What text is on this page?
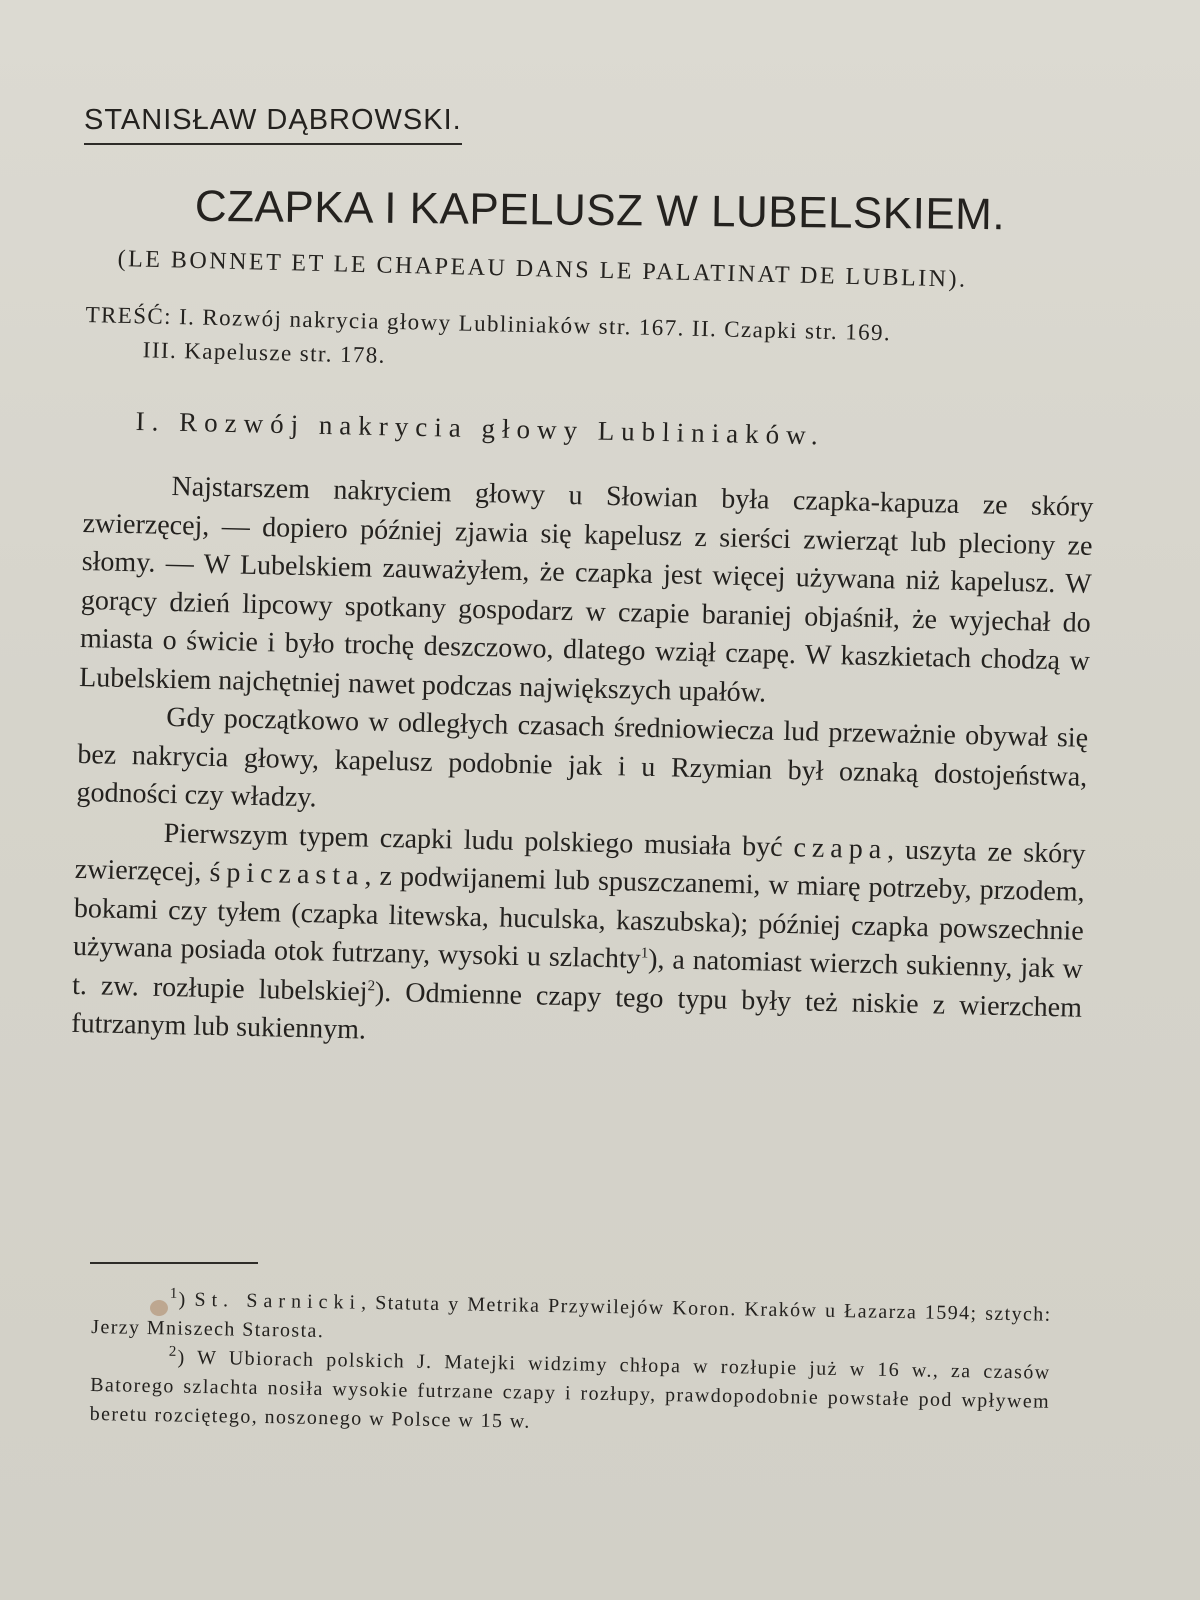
STANISŁAW DĄBROWSKI.
CZAPKA I KAPELUSZ W LUBELSKIEM.
(LE BONNET ET LE CHAPEAU DANS LE PALATINAT DE LUBLIN).
TREŚĆ: I. Rozwój nakrycia głowy Lubliniaków str. 167. II. Czapki str. 169.
III. Kapelusze str. 178.
I. Rozwój nakrycia głowy Lubliniaków.

Najstarszem nakryciem głowy u Słowian była czapka-kapuza ze skóry zwierzęcej, — dopiero później zjawia się kapelusz z sierści zwierząt lub pleciony ze słomy. — W Lubelskiem zauważyłem, że czapka jest więcej używana niż kapelusz. W gorący dzień lipcowy spotkany gospodarz w czapie baraniej objaśnił, że wyjechał do miasta o świcie i było trochę deszczowo, dlatego wziął czapę. W kaszkietach chodzą w Lubelskiem najchętniej nawet podczas największych upałów.

Gdy początkowo w odległych czasach średniowiecza lud przeważnie obywał się bez nakrycia głowy, kapelusz podobnie jak i u Rzymian był oznaką dostojeństwa, godności czy władzy.

Pierwszym typem czapki ludu polskiego musiała być czapa, uszyta ze skóry zwierzęcej, śpiczasta, z podwijanemi lub spuszczanemi, w miarę potrzeby, przodem, bokami czy tyłem (czapka litewska, huculska, kaszubska); później czapka powszechnie używana posiada otok futrzany, wysoki u szlachty$^1$), a natomiast wierzch sukienny, jak w t. zw. rozłupie lubelskiej$^2$). Odmienne czapy tego typu były też niskie z wierzchem futrzanym lub sukiennym.

$^1$) St. Sarnicki, Statuta y Metrika Przywilejów Koron. Kraków u Łazarza 1594; sztych: Jerzy Mniszech Starosta.

$^2$) W Ubiorach polskich J. Matejki widzimy chłopa w rozłupie już w 16 w., za czasów Batorego szlachta nosiła wysokie futrzane czapy i rozłupy, prawdopodobnie powstałe pod wpływem beretu rozciętego, noszonego w Polsce w 15 w.
